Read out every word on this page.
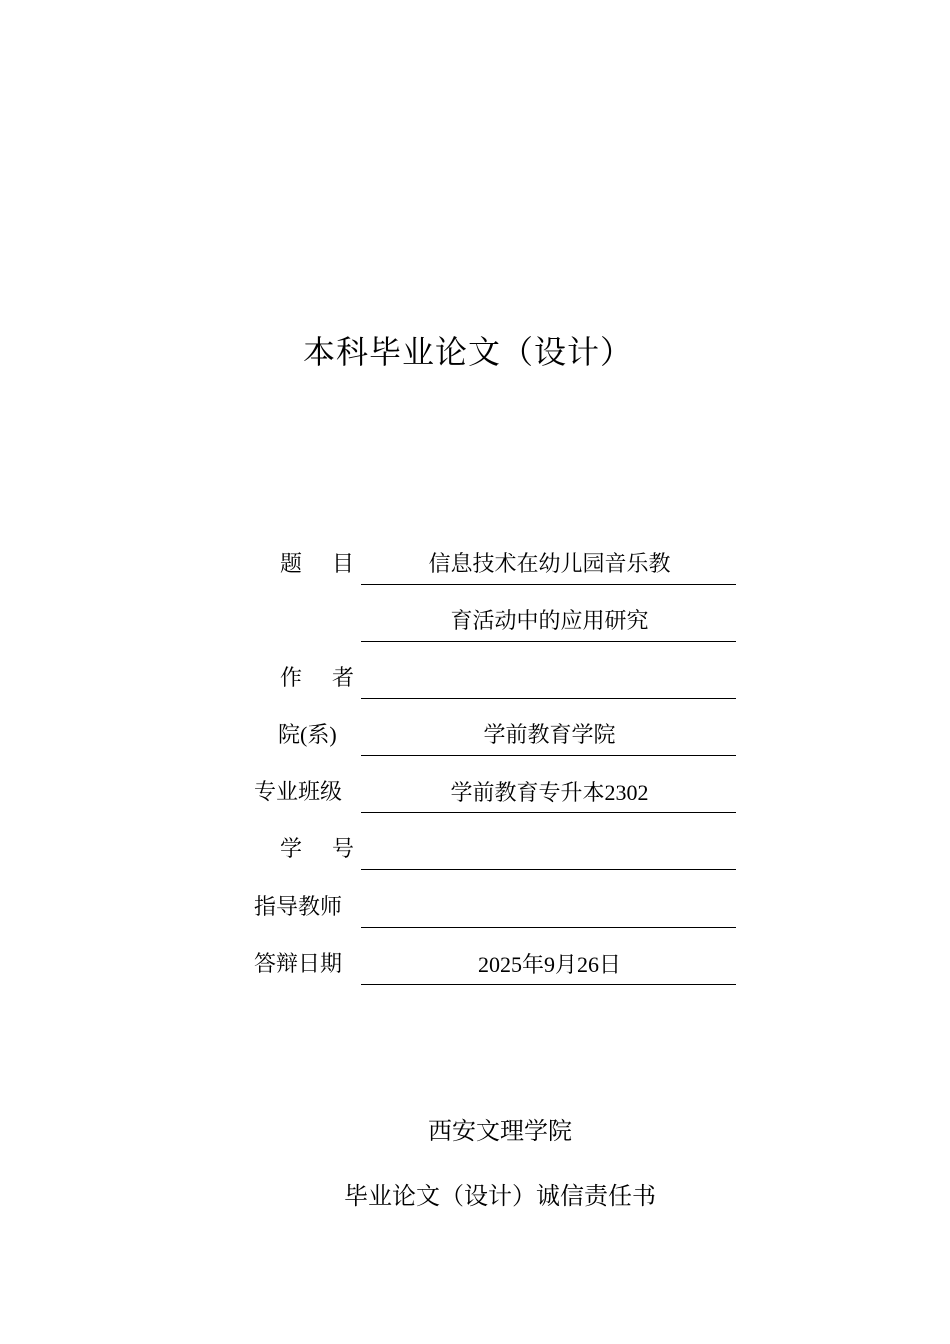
本科毕业论文（设计）
题 目	信息技术在幼儿园音乐教
育活动中的应用研究
作 者
院(系)	学前教育学院
专业班级	学前教育专升本2302
学 号
指导教师
答辩日期	2025年9月26日
西安文理学院
毕业论文（设计）诚信责任书
